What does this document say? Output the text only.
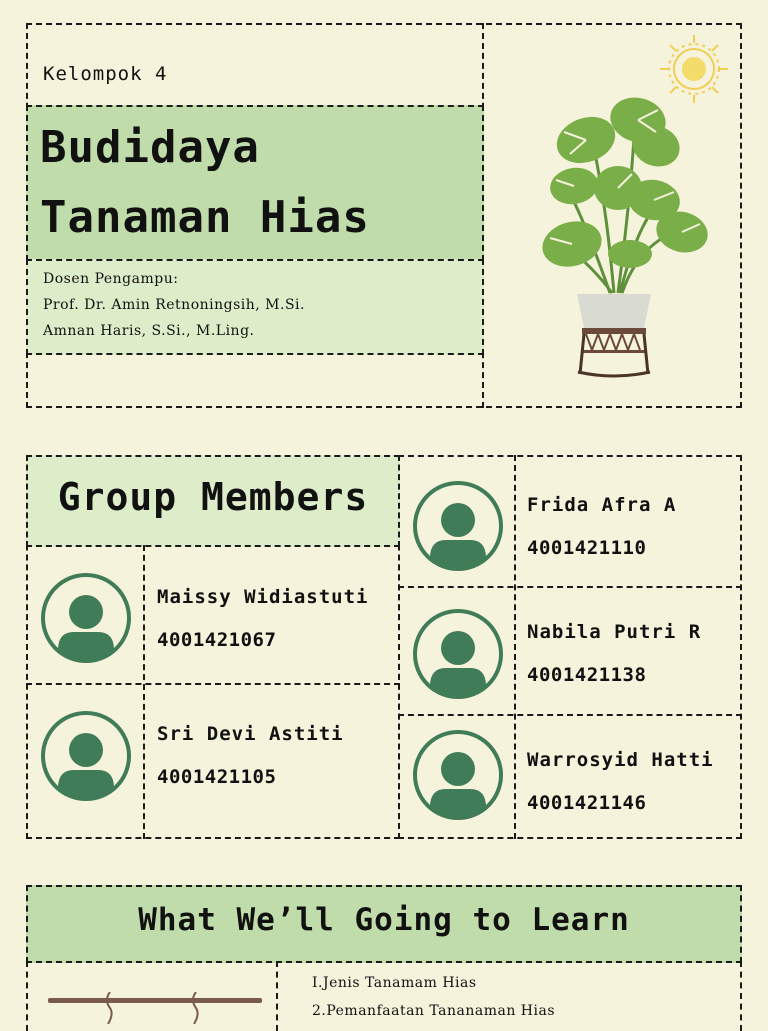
Kelompok 4
Budidaya
Tanaman Hias
Dosen Pengampu:
Prof. Dr. Amin Retnoningsih, M.Si.
Amnan Haris, S.Si., M.Ling.
Group Members
Maissy Widiastuti
4001421067
Sri Devi Astiti
4001421105
Frida Afra A
4001421110
Nabila Putri R
4001421138
Warrosyid Hatti
4001421146
What We’ll Going to Learn
I.Jenis Tanamam Hias
2.Pemanfaatan Tananaman Hias
